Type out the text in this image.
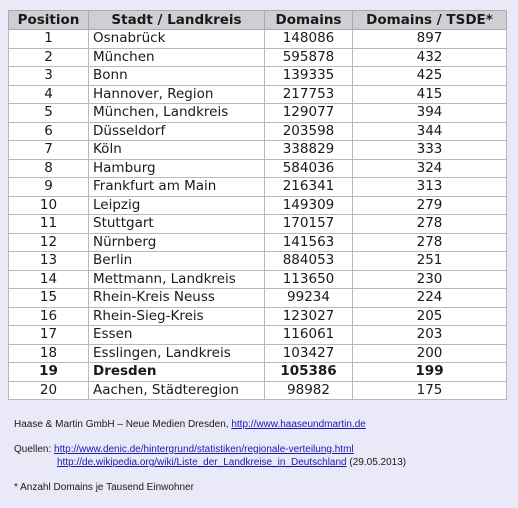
Position	Stadt / Landkreis	Domains	Domains / TSDE*
1	Osnabrück	148086	897
2	München	595878	432
3	Bonn	139335	425
4	Hannover, Region	217753	415
5	München, Landkreis	129077	394
6	Düsseldorf	203598	344
7	Köln	338829	333
8	Hamburg	584036	324
9	Frankfurt am Main	216341	313
10	Leipzig	149309	279
11	Stuttgart	170157	278
12	Nürnberg	141563	278
13	Berlin	884053	251
14	Mettmann, Landkreis	113650	230
15	Rhein-Kreis Neuss	99234	224
16	Rhein-Sieg-Kreis	123027	205
17	Essen	116061	203
18	Esslingen, Landkreis	103427	200
19	Dresden	105386	199
20	Aachen, Städteregion	98982	175
Haase & Martin GmbH – Neue Medien Dresden, http://www.haaseundmartin.de
Quellen: http://www.denic.de/hintergrund/statistiken/regionale-verteilung.html
http://de.wikipedia.org/wiki/Liste_der_Landkreise_in_Deutschland (29.05.2013)
* Anzahl Domains je Tausend Einwohner
